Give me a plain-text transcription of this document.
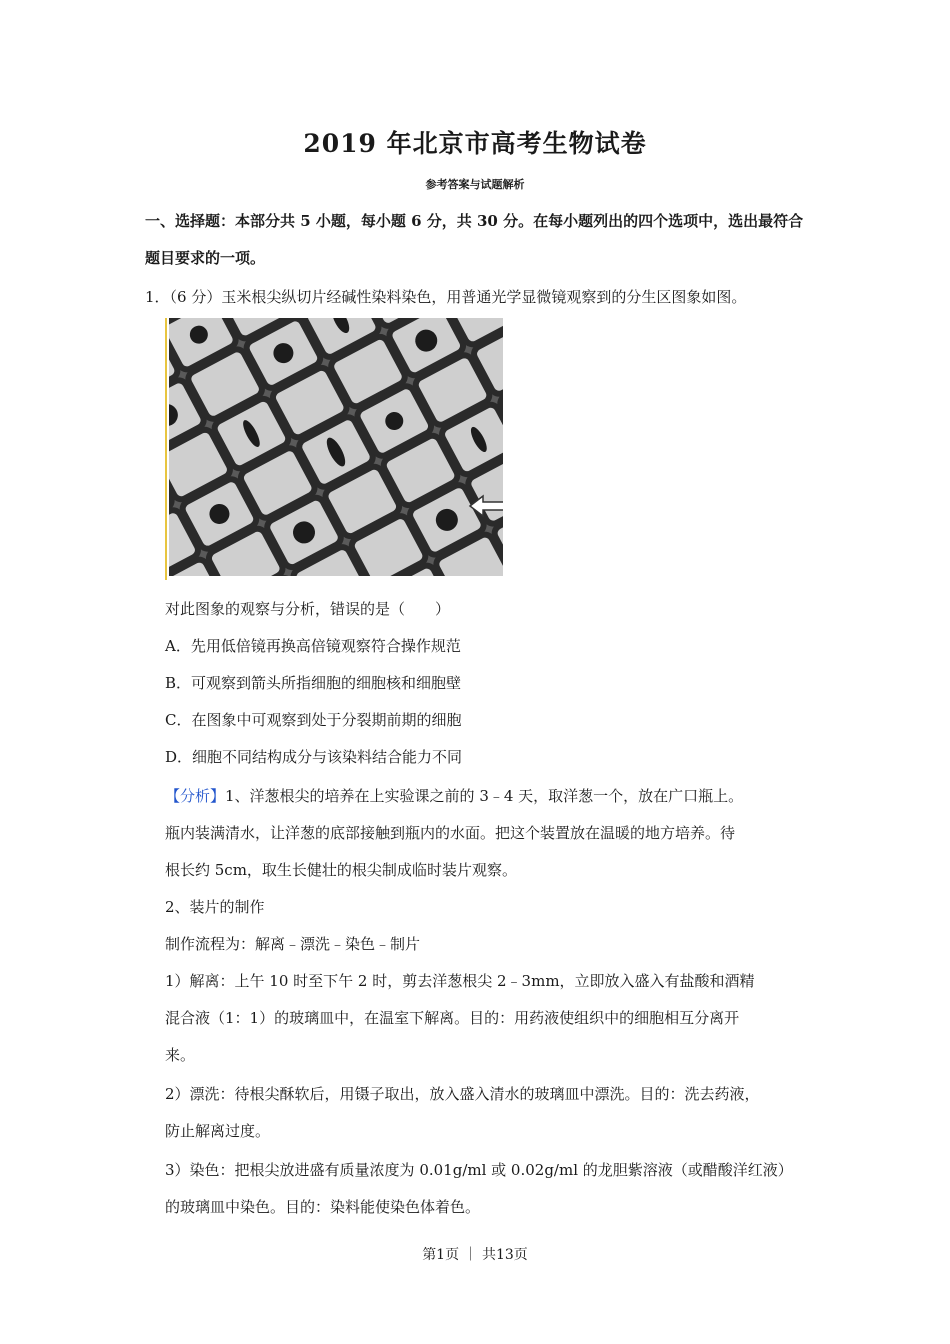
2019 年北京市高考生物试卷
参考答案与试题解析
一、选择题：本部分共 5 小题，每小题 6 分，共 30 分。在每小题列出的四个选项中，选出最符合题目要求的一项。
1．（6 分）玉米根尖纵切片经碱性染料染色，用普通光学显微镜观察到的分生区图象如图。
对此图象的观察与分析，错误的是（　　）
A．先用低倍镜再换高倍镜观察符合操作规范
B．可观察到箭头所指细胞的细胞核和细胞壁
C．在图象中可观察到处于分裂期前期的细胞
D．细胞不同结构成分与该染料结合能力不同
【分析】1、洋葱根尖的培养在上实验课之前的 3﹣4 天，取洋葱一个，放在广口瓶上。
瓶内装满清水，让洋葱的底部接触到瓶内的水面。把这个装置放在温暖的地方培养。待
根长约 5cm，取生长健壮的根尖制成临时装片观察。
2、装片的制作
制作流程为：解离﹣漂洗﹣染色﹣制片
1）解离：上午 10 时至下午 2 时，剪去洋葱根尖 2﹣3mm，立即放入盛入有盐酸和酒精
混合液（1：1）的玻璃皿中，在温室下解离。目的：用药液使组织中的细胞相互分离开
来。
2）漂洗：待根尖酥软后，用镊子取出，放入盛入清水的玻璃皿中漂洗。目的：洗去药液，
防止解离过度。
3）染色：把根尖放进盛有质量浓度为 0.01g/ml 或 0.02g/ml 的龙胆紫溶液（或醋酸洋红液）
的玻璃皿中染色。目的：染料能使染色体着色。
第1页 ｜ 共13页
